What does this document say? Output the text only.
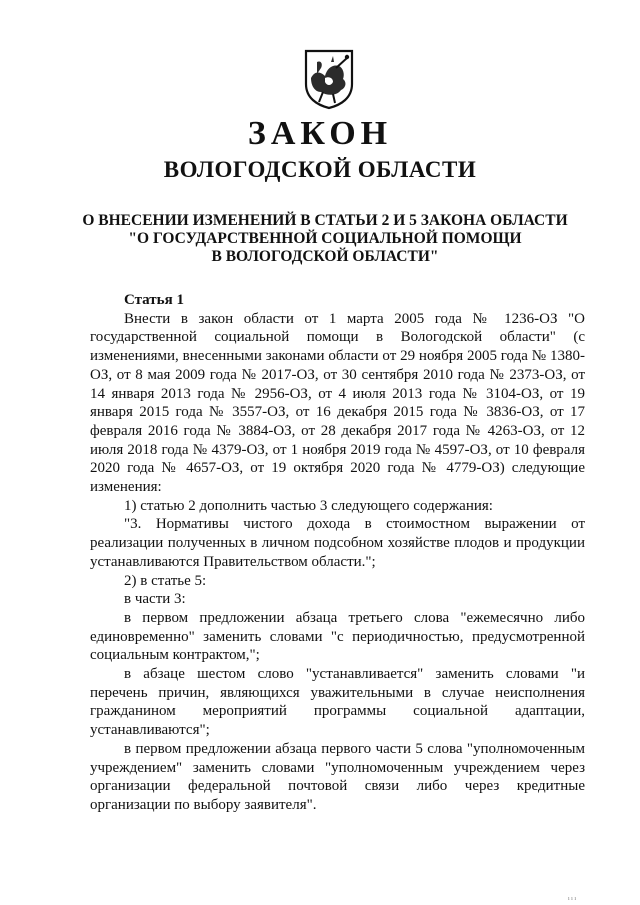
ЗАКОН
ВОЛОГОДСКОЙ ОБЛАСТИ
О ВНЕСЕНИИ ИЗМЕНЕНИЙ В СТАТЬИ 2 И 5 ЗАКОНА ОБЛАСТИ
"О ГОСУДАРСТВЕННОЙ СОЦИАЛЬНОЙ ПОМОЩИ
В ВОЛОГОДСКОЙ ОБЛАСТИ"

Статья 1

Внести в закон области от 1 марта 2005 года № 1236-ОЗ "О государственной социальной помощи в Вологодской области" (с изменениями, внесенными законами области от 29 ноября 2005 года № 1380-ОЗ, от 8 мая 2009 года № 2017-ОЗ, от 30 сентября 2010 года № 2373-ОЗ, от 14 января 2013 года № 2956-ОЗ, от 4 июля 2013 года № 3104-ОЗ, от 19 января 2015 года № 3557-ОЗ, от 16 декабря 2015 года № 3836-ОЗ, от 17 февраля 2016 года № 3884-ОЗ, от 28 декабря 2017 года № 4263-ОЗ, от 12 июля 2018 года № 4379-ОЗ, от 1 ноября 2019 года № 4597-ОЗ, от 10 февраля 2020 года № 4657-ОЗ, от 19 октября 2020 года № 4779-ОЗ) следующие изменения:

1) статью 2 дополнить частью 3 следующего содержания:

"3. Нормативы чистого дохода в стоимостном выражении от реализации полученных в личном подсобном хозяйстве плодов и продукции устанавливаются Правительством области.";

2) в статье 5:

в части 3:

в первом предложении абзаца третьего слова "ежемесячно либо единовременно" заменить словами "с периодичностью, предусмотренной социальным контрактом,";

в абзаце шестом слово "устанавливается" заменить словами "и перечень причин, являющихся уважительными в случае неисполнения гражданином мероприятий программы социальной адаптации, устанавливаются";

в первом предложении абзаца первого части 5 слова "уполномоченным учреждением" заменить словами "уполномоченным учреждением через организации федеральной почтовой связи либо через кредитные организации по выбору заявителя".

ı ı ı
